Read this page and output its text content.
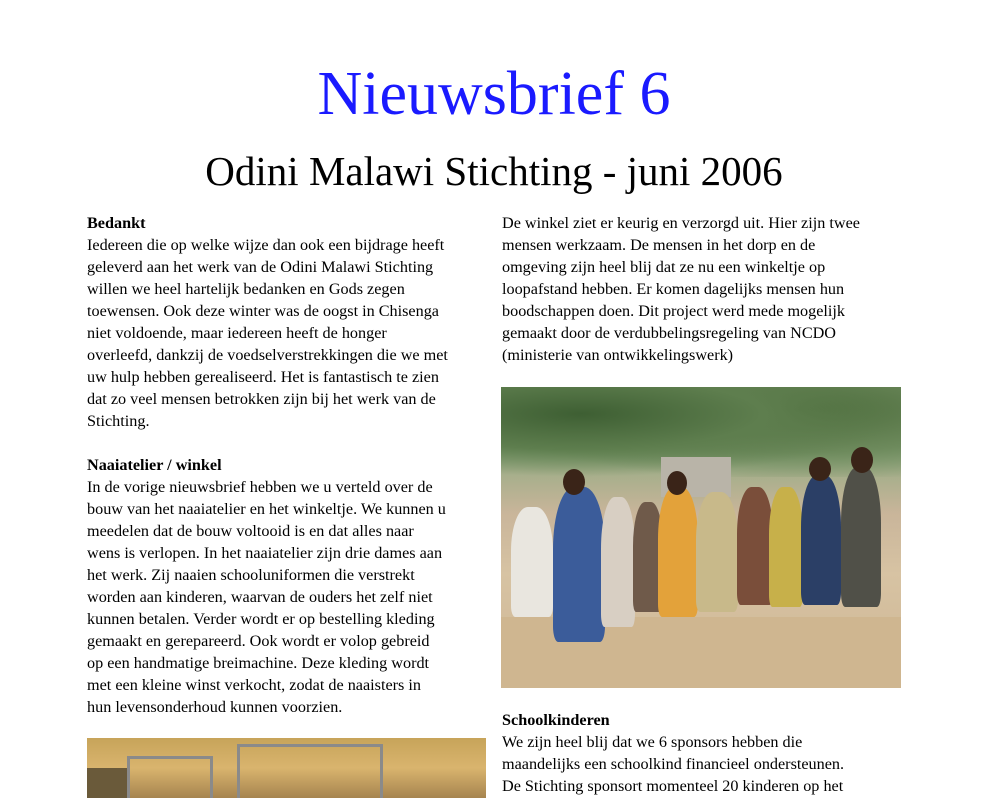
Nieuwsbrief 6
Odini Malawi Stichting - juni 2006
Bedankt
Iedereen die op welke wijze dan ook een bijdrage heeft
geleverd aan het werk van de Odini Malawi Stichting
willen we heel hartelijk bedanken en Gods zegen
toewensen. Ook deze winter was de oogst in Chisenga
niet voldoende, maar iedereen heeft de honger
overleefd, dankzij de voedselverstrekkingen die we met
uw hulp hebben gerealiseerd. Het is fantastisch te zien
dat zo veel mensen betrokken zijn bij het werk van de
Stichting.
Naaiatelier / winkel
In de vorige nieuwsbrief hebben we u verteld over de
bouw van het naaiatelier en het winkeltje. We kunnen u
meedelen dat de bouw voltooid is en dat alles naar
wens is verlopen. In het naaiatelier zijn drie dames aan
het werk. Zij naaien schooluniformen die verstrekt
worden aan kinderen, waarvan de ouders het zelf niet
kunnen betalen. Verder wordt er op bestelling kleding
gemaakt en gerepareerd. Ook wordt er volop gebreid
op een handmatige breimachine. Deze kleding wordt
met een kleine winst verkocht, zodat de naaisters in
hun levensonderhoud kunnen voorzien.
De winkel ziet er keurig en verzorgd uit. Hier zijn twee
mensen werkzaam. De mensen in het dorp en de
omgeving zijn heel blij dat ze nu een winkeltje op
loopafstand hebben. Er komen dagelijks mensen hun
boodschappen doen. Dit project werd mede mogelijk
gemaakt door de verdubbelingsregeling van NCDO
(ministerie van ontwikkelingswerk)
Schoolkinderen
We zijn heel blij dat we 6 sponsors hebben die
maandelijks een schoolkind financieel ondersteunen.
De Stichting sponsort momenteel 20 kinderen op het
